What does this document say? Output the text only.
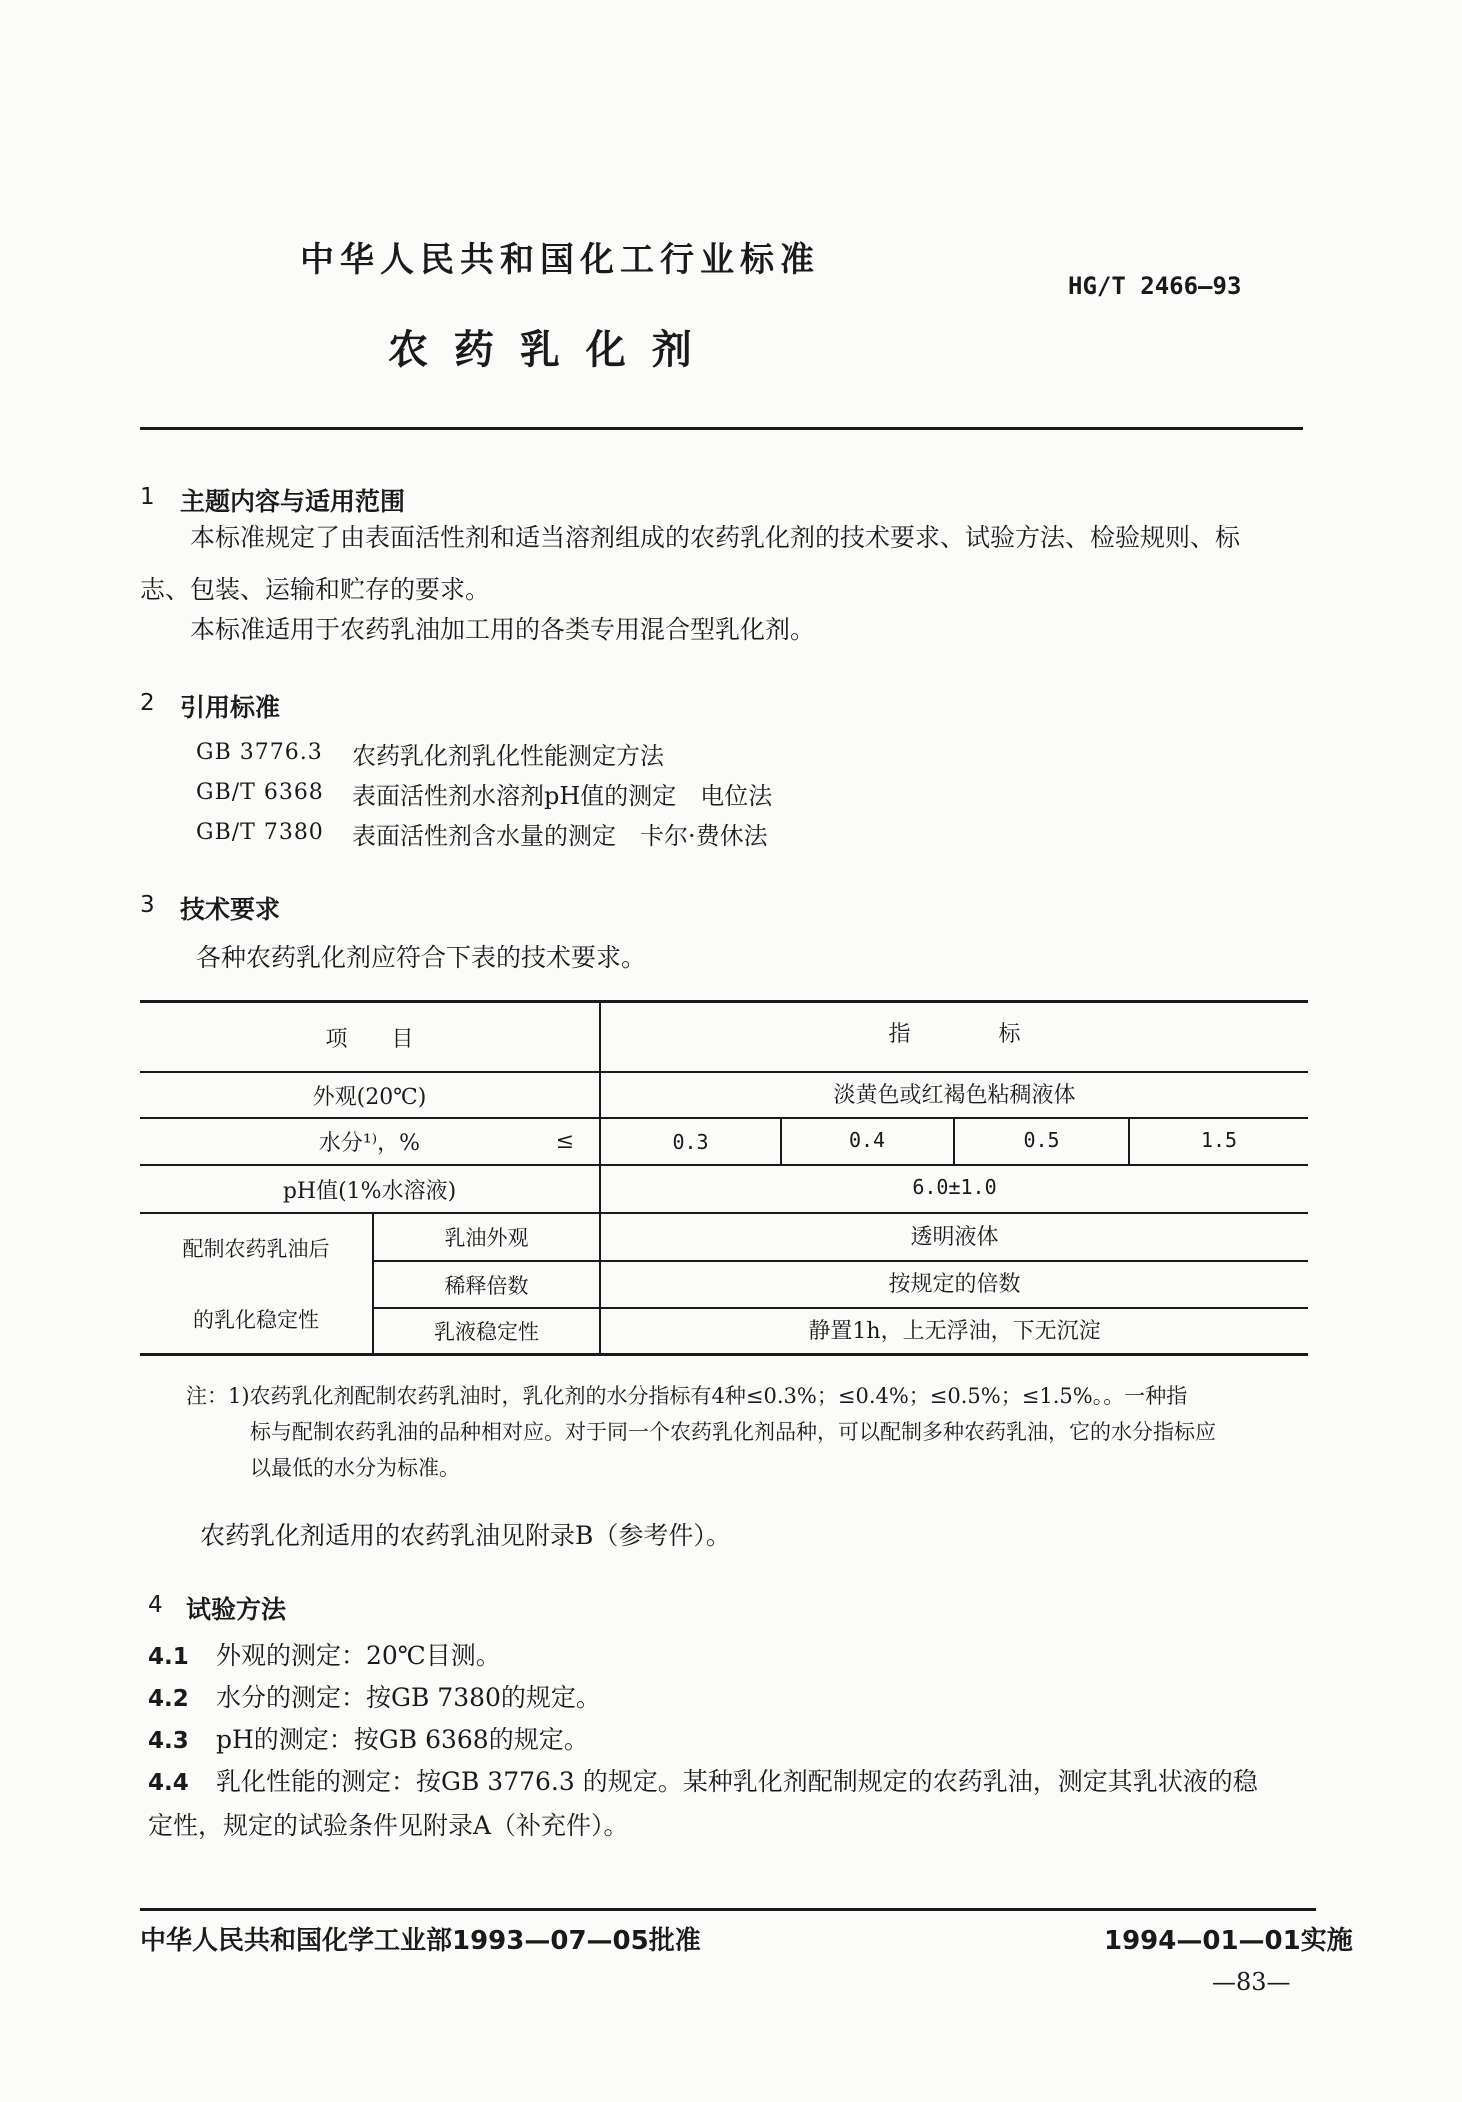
中华人民共和国化工行业标准
HG/T 2466—93
农 药 乳 化 剂
1 主题内容与适用范围
本标准规定了由表面活性剂和适当溶剂组成的农药乳化剂的技术要求、试验方法、检验规则、标
志、包装、运输和贮存的要求。
本标准适用于农药乳油加工用的各类专用混合型乳化剂。
2 引用标准
GB 3776.3 农药乳化剂乳化性能测定方法
GB/T 6368 表面活性剂水溶剂pH值的测定　电位法
GB/T 7380 表面活性剂含水量的测定　卡尔·费休法
3 技术要求
各种农药乳化剂应符合下表的技术要求。
项　　目	指　　　　标
外观(20℃)	淡黄色或红褐色粘稠液体
水分¹⁾，%	≤	0.3	0.4	0.5	1.5
pH值(1%水溶液)	6.0±1.0
配制农药乳油后
的乳化稳定性
乳油外观	透明液体
稀释倍数	按规定的倍数
乳液稳定性	静置1h，上无浮油，下无沉淀
注：1)农药乳化剂配制农药乳油时，乳化剂的水分指标有4种≤0.3%；≤0.4%；≤0.5%；≤1.5%。。一种指
标与配制农药乳油的品种相对应。对于同一个农药乳化剂品种，可以配制多种农药乳油，它的水分指标应
以最低的水分为标准。
农药乳化剂适用的农药乳油见附录B（参考件）。
4 试验方法
4.1 外观的测定：20℃目测。
4.2 水分的测定：按GB 7380的规定。
4.3 pH的测定：按GB 6368的规定。
4.4 乳化性能的测定：按GB 3776.3 的规定。某种乳化剂配制规定的农药乳油，测定其乳状液的稳
定性，规定的试验条件见附录A（补充件）。
中华人民共和国化学工业部1993—07—05批准	1994—01—01实施
—83—
